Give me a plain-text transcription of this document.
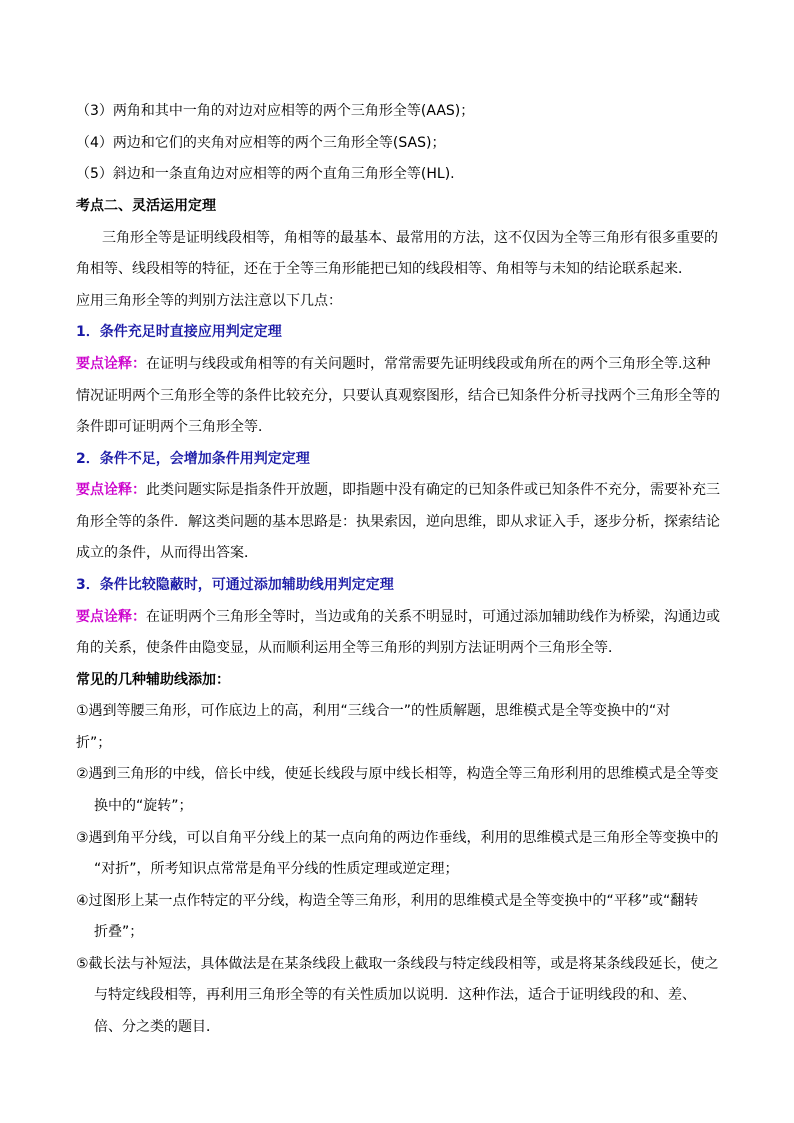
（3）两角和其中一角的对边对应相等的两个三角形全等(AAS)；
（4）两边和它们的夹角对应相等的两个三角形全等(SAS)；
（5）斜边和一条直角边对应相等的两个直角三角形全等(HL).
考点二、灵活运用定理
三角形全等是证明线段相等，角相等的最基本、最常用的方法，这不仅因为全等三角形有很多重要的
角相等、线段相等的特征，还在于全等三角形能把已知的线段相等、角相等与未知的结论联系起来．
应用三角形全等的判别方法注意以下几点：
1．条件充足时直接应用判定定理
要点诠释：在证明与线段或角相等的有关问题时，常常需要先证明线段或角所在的两个三角形全等.这种
情况证明两个三角形全等的条件比较充分，只要认真观察图形，结合已知条件分析寻找两个三角形全等的
条件即可证明两个三角形全等．
2．条件不足，会增加条件用判定定理
要点诠释：此类问题实际是指条件开放题，即指题中没有确定的已知条件或已知条件不充分，需要补充三
角形全等的条件．解这类问题的基本思路是：执果索因，逆向思维，即从求证入手，逐步分析，探索结论
成立的条件，从而得出答案．
3．条件比较隐蔽时，可通过添加辅助线用判定定理
要点诠释：在证明两个三角形全等时，当边或角的关系不明显时，可通过添加辅助线作为桥梁，沟通边或
角的关系，使条件由隐变显，从而顺利运用全等三角形的判别方法证明两个三角形全等．
常见的几种辅助线添加：
①遇到等腰三角形，可作底边上的高，利用“三线合一”的性质解题，思维模式是全等变换中的“对
折”；
②遇到三角形的中线，倍长中线，使延长线段与原中线长相等，构造全等三角形利用的思维模式是全等变
换中的“旋转”；
③遇到角平分线，可以自角平分线上的某一点向角的两边作垂线，利用的思维模式是三角形全等变换中的
“对折”，所考知识点常常是角平分线的性质定理或逆定理；
④过图形上某一点作特定的平分线，构造全等三角形，利用的思维模式是全等变换中的“平移”或“翻转
折叠”；
⑤截长法与补短法，具体做法是在某条线段上截取一条线段与特定线段相等，或是将某条线段延长，使之
与特定线段相等，再利用三角形全等的有关性质加以说明．这种作法，适合于证明线段的和、差、
倍、分之类的题目．
